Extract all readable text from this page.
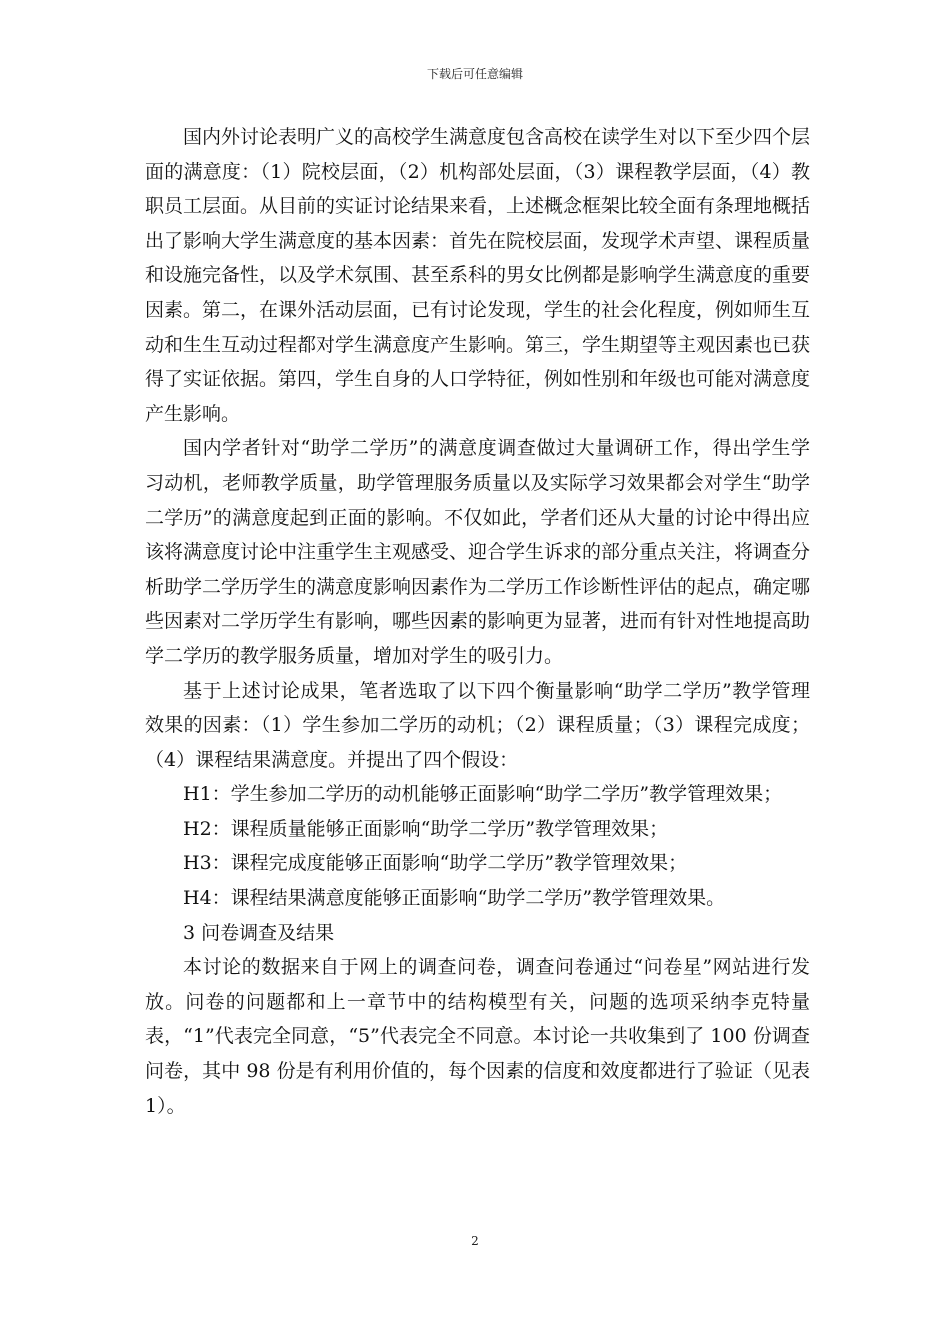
下载后可任意编辑

国内外讨论表明广义的高校学生满意度包含高校在读学生对以下至少四个层面的满意度：（1）院校层面，（2）机构部处层面，（3）课程教学层面，（4）教职员工层面。从目前的实证讨论结果来看，上述概念框架比较全面有条理地概括出了影响大学生满意度的基本因素：首先在院校层面，发现学术声望、课程质量和设施完备性，以及学术氛围、甚至系科的男女比例都是影响学生满意度的重要因素。第二，在课外活动层面，已有讨论发现，学生的社会化程度，例如师生互动和生生互动过程都对学生满意度产生影响。第三，学生期望等主观因素也已获得了实证依据。第四，学生自身的人口学特征，例如性别和年级也可能对满意度产生影响。

国内学者针对“助学二学历”的满意度调查做过大量调研工作，得出学生学习动机，老师教学质量，助学管理服务质量以及实际学习效果都会对学生“助学二学历”的满意度起到正面的影响。不仅如此，学者们还从大量的讨论中得出应该将满意度讨论中注重学生主观感受、迎合学生诉求的部分重点关注，将调查分析助学二学历学生的满意度影响因素作为二学历工作诊断性评估的起点，确定哪些因素对二学历学生有影响，哪些因素的影响更为显著，进而有针对性地提高助学二学历的教学服务质量，增加对学生的吸引力。

基于上述讨论成果，笔者选取了以下四个衡量影响“助学二学历”教学管理效果的因素：（1）学生参加二学历的动机；（2）课程质量；（3）课程完成度；（4）课程结果满意度。并提出了四个假设：

H1：学生参加二学历的动机能够正面影响“助学二学历”教学管理效果；

H2：课程质量能够正面影响“助学二学历”教学管理效果；

H3：课程完成度能够正面影响“助学二学历”教学管理效果；

H4：课程结果满意度能够正面影响“助学二学历”教学管理效果。

3 问卷调查及结果

本讨论的数据来自于网上的调查问卷，调查问卷通过“问卷星”网站进行发放。问卷的问题都和上一章节中的结构模型有关，问题的选项采纳李克特量表，“1”代表完全同意，“5”代表完全不同意。本讨论一共收集到了 100 份调查问卷，其中 98 份是有利用价值的，每个因素的信度和效度都进行了验证（见表 1）。

2
